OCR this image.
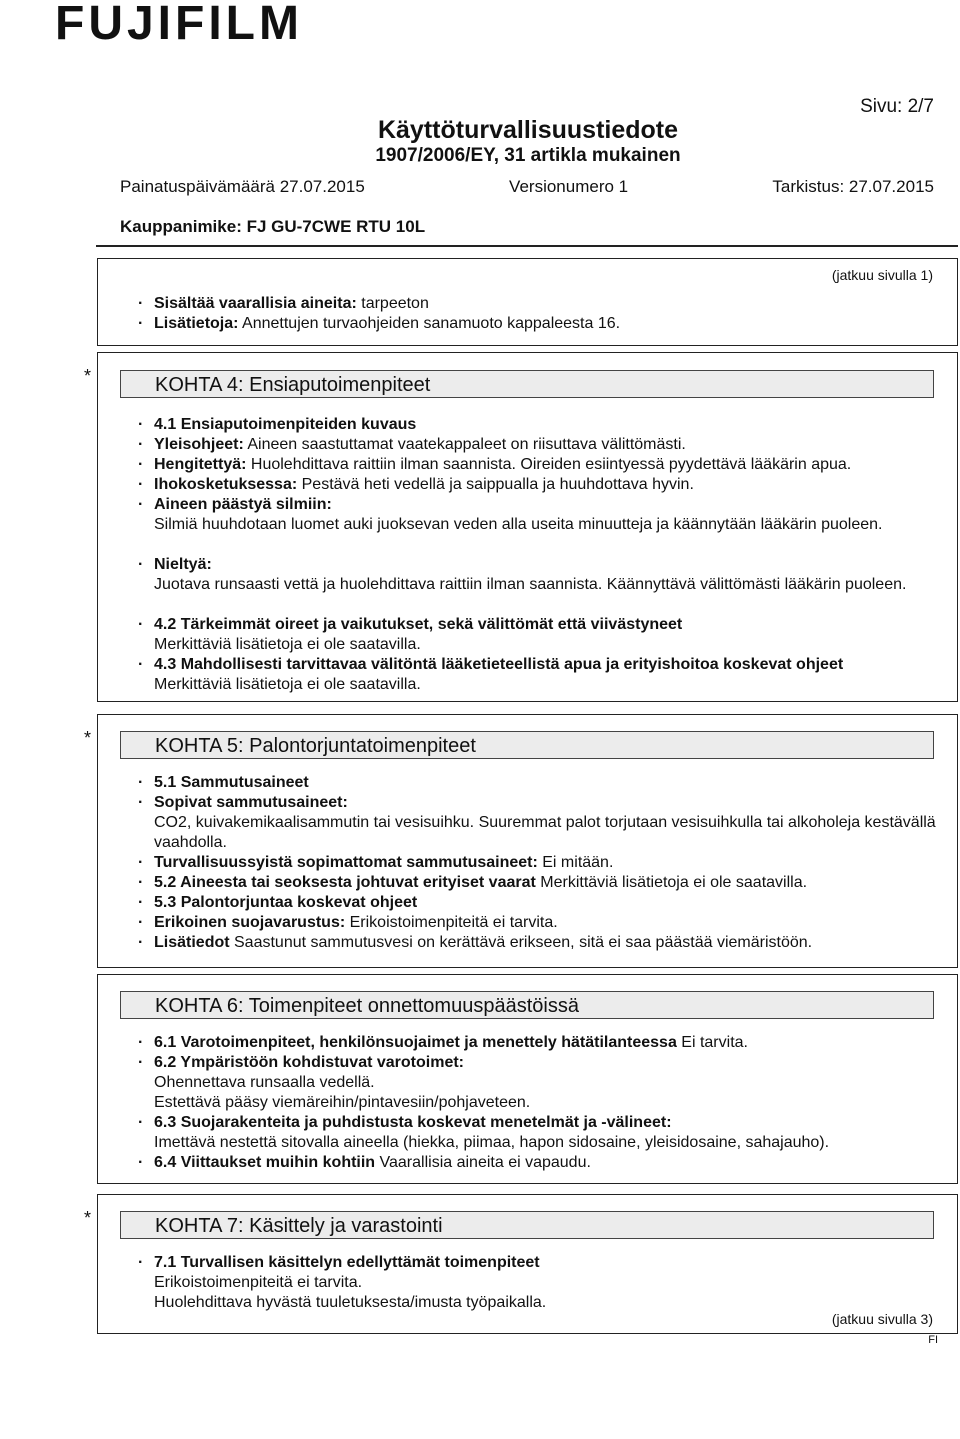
FUJIFILM
Sivu: 2/7
Käyttöturvallisuustiedote
1907/2006/EY, 31 artikla mukainen
Painatuspäivämäärä 27.07.2015	Versionumero 1	Tarkistus: 27.07.2015
Kauppanimike: FJ GU-7CWE RTU 10L
(jatkuu sivulla 1)
· Sisältää vaarallisia aineita: tarpeeton
· Lisätietoja: Annettujen turvaohjeiden sanamuoto kappaleesta 16.
*	KOHTA 4: Ensiaputoimenpiteet
· 4.1 Ensiaputoimenpiteiden kuvaus
· Yleisohjeet: Aineen saastuttamat vaatekappaleet on riisuttava välittömästi.
· Hengitettyä: Huolehdittava raittiin ilman saannista. Oireiden esiintyessä pyydettävä lääkärin apua.
· Ihokosketuksessa: Pestävä heti vedellä ja saippualla ja huuhdottava hyvin.
· Aineen päästyä silmiin:
Silmiä huuhdotaan luomet auki juoksevan veden alla useita minuutteja ja käännytään lääkärin puoleen.
· Nieltyä:
Juotava runsaasti vettä ja huolehdittava raittiin ilman saannista. Käännyttävä välittömästi lääkärin puoleen.
· 4.2 Tärkeimmät oireet ja vaikutukset, sekä välittömät että viivästyneet
Merkittäviä lisätietoja ei ole saatavilla.
· 4.3 Mahdollisesti tarvittavaa välitöntä lääketieteellistä apua ja erityishoitoa koskevat ohjeet
Merkittäviä lisätietoja ei ole saatavilla.
*	KOHTA 5: Palontorjuntatoimenpiteet
· 5.1 Sammutusaineet
· Sopivat sammutusaineet:
CO2, kuivakemikaalisammutin tai vesisuihku. Suuremmat palot torjutaan vesisuihkulla tai alkoholeja kestävällä vaahdolla.
· Turvallisuussyistä sopimattomat sammutusaineet: Ei mitään.
· 5.2 Aineesta tai seoksesta johtuvat erityiset vaarat Merkittäviä lisätietoja ei ole saatavilla.
· 5.3 Palontorjuntaa koskevat ohjeet
· Erikoinen suojavarustus: Erikoistoimenpiteitä ei tarvita.
· Lisätiedot Saastunut sammutusvesi on kerättävä erikseen, sitä ei saa päästää viemäristöön.
KOHTA 6: Toimenpiteet onnettomuuspäästöissä
· 6.1 Varotoimenpiteet, henkilönsuojaimet ja menettely hätätilanteessa Ei tarvita.
· 6.2 Ympäristöön kohdistuvat varotoimet:
Ohennettava runsaalla vedellä.
Estettävä pääsy viemäreihin/pintavesiin/pohjaveteen.
· 6.3 Suojarakenteita ja puhdistusta koskevat menetelmät ja -välineet:
Imettävä nestettä sitovalla aineella (hiekka, piimaa, hapon sidosaine, yleisidosaine, sahajauho).
· 6.4 Viittaukset muihin kohtiin Vaarallisia aineita ei vapaudu.
*	KOHTA 7: Käsittely ja varastointi
· 7.1 Turvallisen käsittelyn edellyttämät toimenpiteet
Erikoistoimenpiteitä ei tarvita.
Huolehdittava hyvästä tuuletuksesta/imusta työpaikalla.
(jatkuu sivulla 3)
FI
